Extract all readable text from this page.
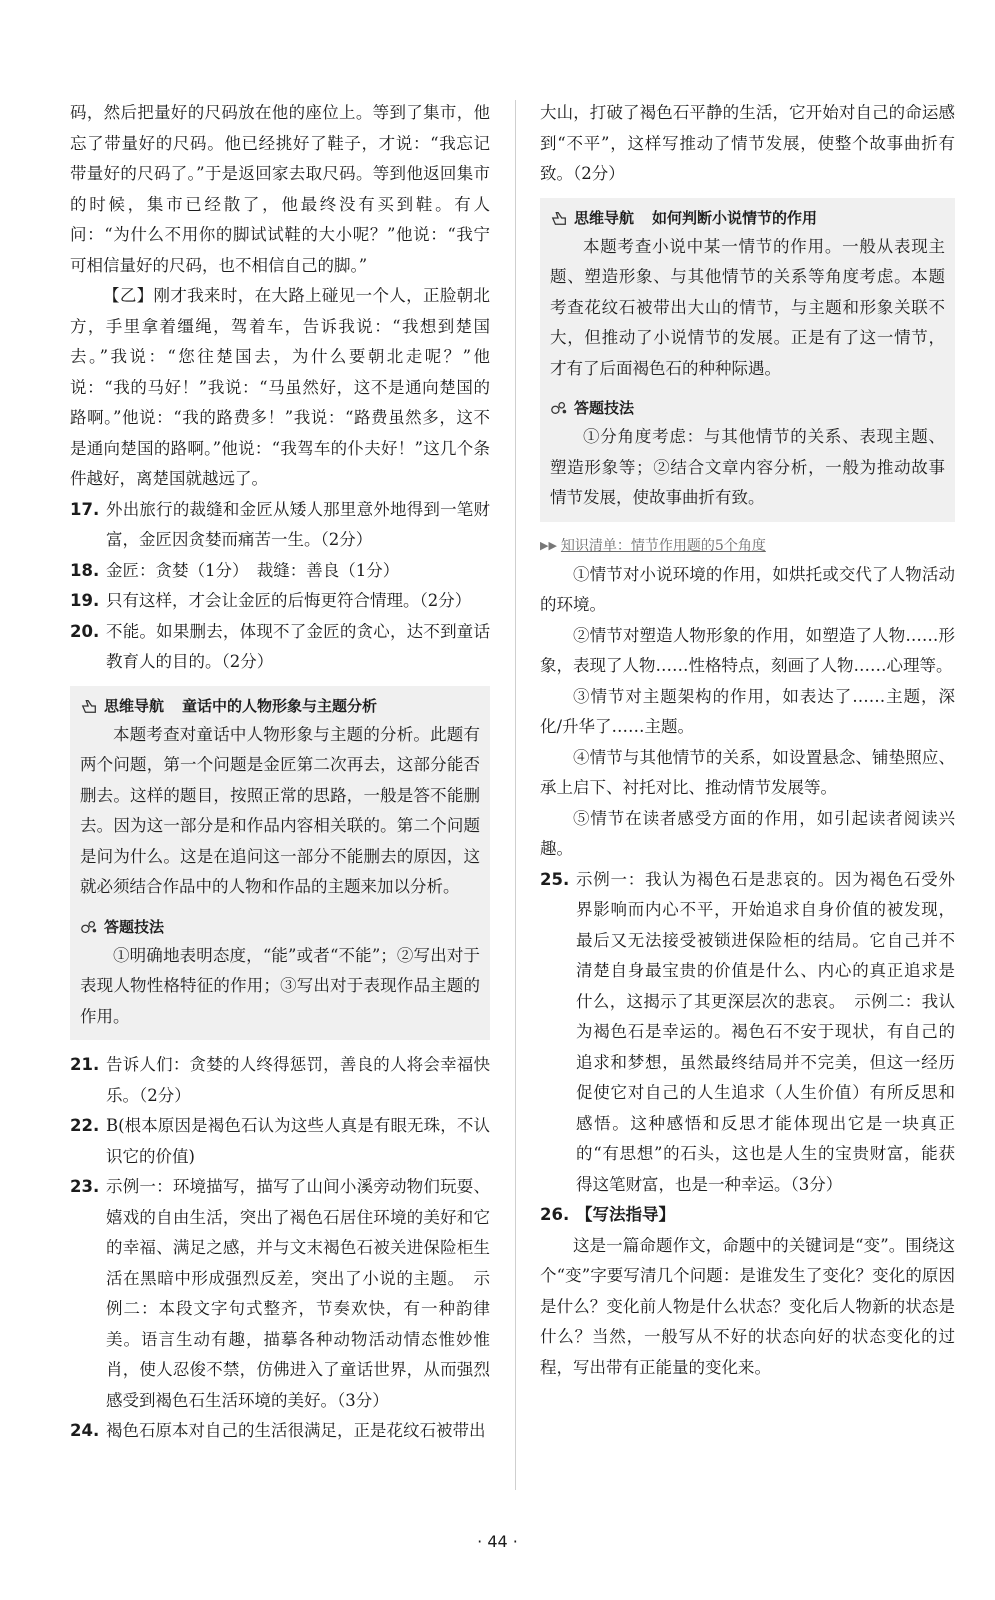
码，然后把量好的尺码放在他的座位上。等到了集市，他忘了带量好的尺码。他已经挑好了鞋子，才说：“我忘记带量好的尺码了。”于是返回家去取尺码。等到他返回集市的时候，集市已经散了，他最终没有买到鞋。有人问：“为什么不用你的脚试试鞋的大小呢？”他说：“我宁可相信量好的尺码，也不相信自己的脚。”

【乙】刚才我来时，在大路上碰见一个人，正脸朝北方，手里拿着缰绳，驾着车，告诉我说：“我想到楚国去。”我说：“您往楚国去，为什么要朝北走呢？”他说：“我的马好！”我说：“马虽然好，这不是通向楚国的路啊。”他说：“我的路费多！”我说：“路费虽然多，这不是通向楚国的路啊。”他说：“我驾车的仆夫好！”这几个条件越好，离楚国就越远了。

17. 外出旅行的裁缝和金匠从矮人那里意外地得到一笔财富，金匠因贪婪而痛苦一生。（2分）
18. 金匠：贪婪（1分）　裁缝：善良（1分）
19. 只有这样，才会让金匠的后悔更符合情理。（2分）
20. 不能。如果删去，体现不了金匠的贪心，达不到童话教育人的目的。（2分）
思维导航 童话中的人物形象与主题分析

本题考查对童话中人物形象与主题的分析。此题有两个问题，第一个问题是金匠第二次再去，这部分能否删去。这样的题目，按照正常的思路，一般是答不能删去。因为这一部分是和作品内容相关联的。第二个问题是问为什么。这是在追问这一部分不能删去的原因，这就必须结合作品中的人物和作品的主题来加以分析。

答题技法

①明确地表明态度，“能”或者“不能”；②写出对于表现人物性格特征的作用；③写出对于表现作品主题的作用。

21. 告诉人们：贪婪的人终得惩罚，善良的人将会幸福快乐。（2分）
22. B(根本原因是褐色石认为这些人真是有眼无珠，不认识它的价值)
23. 示例一：环境描写，描写了山间小溪旁动物们玩耍、嬉戏的自由生活，突出了褐色石居住环境的美好和它的幸福、满足之感，并与文末褐色石被关进保险柜生活在黑暗中形成强烈反差，突出了小说的主题。　示例二：本段文字句式整齐，节奏欢快，有一种韵律美。语言生动有趣，描摹各种动物活动情态惟妙惟肖，使人忍俊不禁，仿佛进入了童话世界，从而强烈感受到褐色石生活环境的美好。（3分）
24. 褐色石原本对自己的生活很满足，正是花纹石被带出

大山，打破了褐色石平静的生活，它开始对自己的命运感到“不平”，这样写推动了情节发展，使整个故事曲折有致。（2分）

思维导航 如何判断小说情节的作用

本题考查小说中某一情节的作用。一般从表现主题、塑造形象、与其他情节的关系等角度考虑。本题考查花纹石被带出大山的情节，与主题和形象关联不大，但推动了小说情节的发展。正是有了这一情节，才有了后面褐色石的种种际遇。

答题技法

①分角度考虑：与其他情节的关系、表现主题、塑造形象等；②结合文章内容分析，一般为推动故事情节发展，使故事曲折有致。

▶▶ 知识清单：情节作用题的5个角度

①情节对小说环境的作用，如烘托或交代了人物活动的环境。

②情节对塑造人物形象的作用，如塑造了人物……形象，表现了人物……性格特点，刻画了人物……心理等。

③情节对主题架构的作用，如表达了……主题，深化/升华了……主题。

④情节与其他情节的关系，如设置悬念、铺垫照应、承上启下、衬托对比、推动情节发展等。

⑤情节在读者感受方面的作用，如引起读者阅读兴趣。

25. 示例一：我认为褐色石是悲哀的。因为褐色石受外界影响而内心不平，开始追求自身价值的被发现，最后又无法接受被锁进保险柜的结局。它自己并不清楚自身最宝贵的价值是什么、内心的真正追求是什么，这揭示了其更深层次的悲哀。　示例二：我认为褐色石是幸运的。褐色石不安于现状，有自己的追求和梦想，虽然最终结局并不完美，但这一经历促使它对自己的人生追求（人生价值）有所反思和感悟。这种感悟和反思才能体现出它是一块真正的“有思想”的石头，这也是人生的宝贵财富，能获得这笔财富，也是一种幸运。（3分）
26. 【写法指导】

这是一篇命题作文，命题中的关键词是“变”。围绕这个“变”字要写清几个问题：是谁发生了变化？变化的原因是什么？变化前人物是什么状态？变化后人物新的状态是什么？当然，一般写从不好的状态向好的状态变化的过程，写出带有正能量的变化来。

· 44 ·
